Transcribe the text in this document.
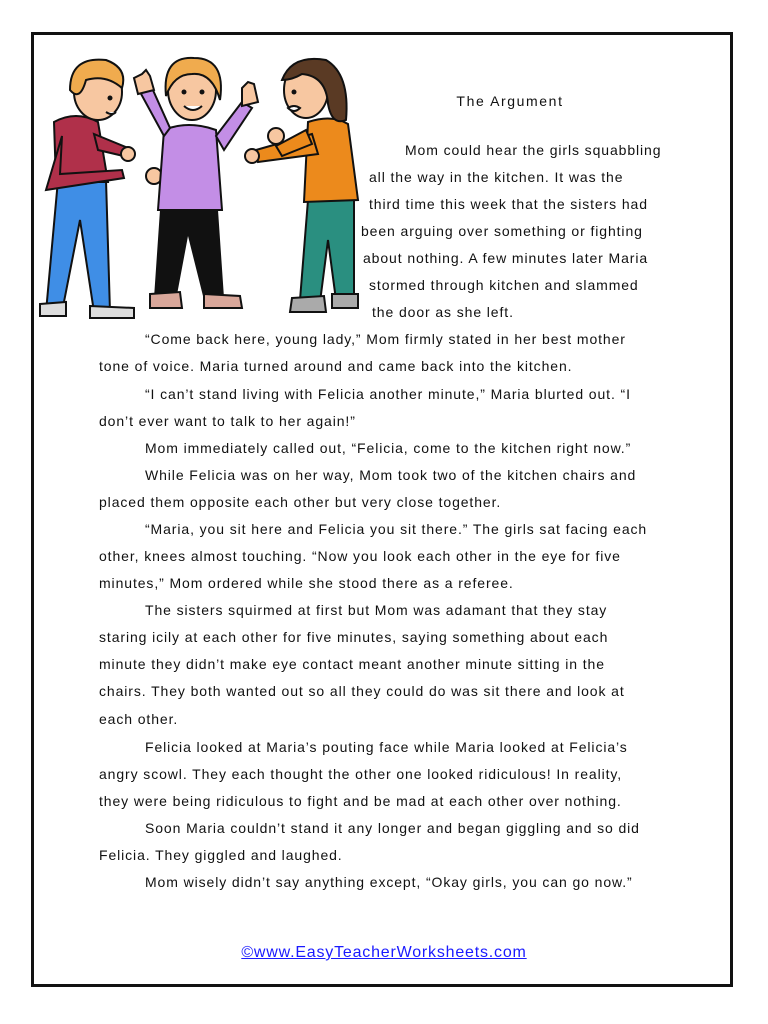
The Argument
Mom could hear the girls squabbling
all the way in the kitchen. It was the
third time this week that the sisters had
been arguing over something or fighting
about nothing. A few minutes later Maria
stormed through kitchen and slammed
the door as she left.
“Come back here, young lady,” Mom firmly stated in her best mother
tone of voice. Maria turned around and came back into the kitchen.
“I can’t stand living with Felicia another minute,” Maria blurted out. “I
don’t ever want to talk to her again!”
Mom immediately called out, “Felicia, come to the kitchen right now.”
While Felicia was on her way, Mom took two of the kitchen chairs and
placed them opposite each other but very close together.
“Maria, you sit here and Felicia you sit there.” The girls sat facing each
other, knees almost touching. “Now you look each other in the eye for five
minutes,” Mom ordered while she stood there as a referee.
The sisters squirmed at first but Mom was adamant that they stay
staring icily at each other for five minutes, saying something about each
minute they didn’t make eye contact meant another minute sitting in the
chairs. They both wanted out so all they could do was sit there and look at
each other.
Felicia looked at Maria’s pouting face while Maria looked at Felicia’s
angry scowl. They each thought the other one looked ridiculous! In reality,
they were being ridiculous to fight and be mad at each other over nothing.
Soon Maria couldn’t stand it any longer and began giggling and so did
Felicia. They giggled and laughed.
Mom wisely didn’t say anything except, “Okay girls, you can go now.”
©www.EasyTeacherWorksheets.com
